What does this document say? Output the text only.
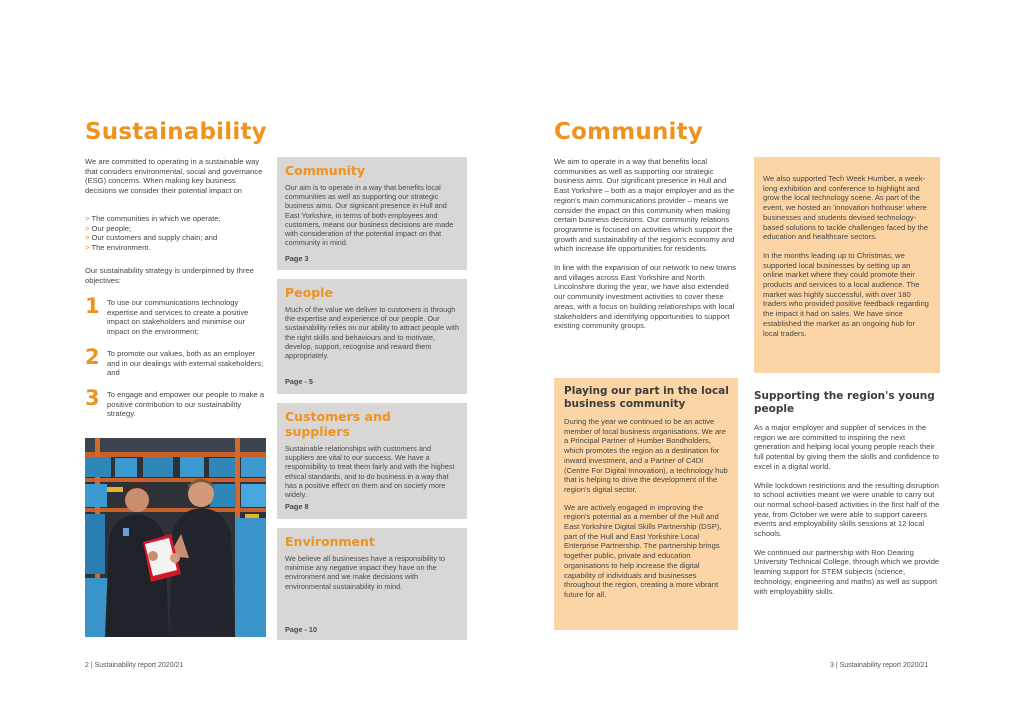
Sustainability
We are committed to operating in a sustainable way that considers environmental, social and governance (ESG) concerns. When making key business decisions we consider their potential impact on
> The communities in which we operate;
> Our people;
> Our customers and supply chain; and
> The environment.
Our sustainability strategy is underpinned by three objectives:
1 To use our communications technology expertise and services to create a positive impact on stakeholders and minimise our impact on the environment;
2 To promote our values, both as an employer and in our dealings with external stakeholders; and
3 To engage and empower our people to make a positive contribution to our sustainability strategy.
Community
Our aim is to operate in a way that benefits local communities as well as supporting our strategic business aims. Our signicant presence in Hull and East Yorkshire, in terms of both employees and customers, means our business decisions are made with consideration of the potential impact on that community in mind.
Page 3
People
Much of the value we deliver to customers is through the expertise and experience of our people. Our sustainability relies on our ability to attract people with the right skills and behaviours and to motivate, develop, support, recognise and reward them appropriately.
Page - 5
Customers and suppliers
Sustainable relationships with customers and suppliers are vital to our success. We have a responsibility to treat them fairly and with the highest ethical standards, and to do business in a way that has a positive effect on them and on society more widely.
Page 8
Environment
We believe all businesses have a responsibility to minimise any negative impact they have on the environment and we make decisions with environmental sustainability in mind.
Page - 10
2 | Sustainability report 2020/21
Community

We aim to operate in a way that benefits local communities as well as supporting our strategic business aims. Our significant presence in Hull and East Yorkshire – both as a major employer and as the region's main communications provider – means we consider the impact on this community when making certain business decisions. Our community relations programme is focused on activities which support the growth and sustainability of the region's economy and which increase life opportunities for residents.

In line with the expansion of our network to new towns and villages across East Yorkshire and North Lincolnshire during the year, we have also extended our community investment activities to cover these areas, with a focus on building relationships with local stakeholders and identifying opportunities to support existing community groups.

We also supported Tech Week Humber, a week-long exhibition and conference to highlight and grow the local technology scene. As part of the event, we hosted an 'innovation hothouse' where businesses and students devised technology-based solutions to tackle challenges faced by the education and healthcare sectors.

In the months leading up to Christmas, we supported local businesses by setting up an online market where they could promote their products and services to a local audience. The market was highly successful, with over 180 traders who provided positive feedback regarding the impact it had on sales. We have since established the market as an ongoing hub for local traders.

Playing our part in the local business community

During the year we continued to be an active member of local business organisations. We are a Principal Partner of Humber Bondholders, which promotes the region as a destination for inward investment, and a Partner of C4DI (Centre For Digital Innovation), a technology hub that is helping to drive the development of the region's digital sector.

We are actively engaged in improving the region's potential as a member of the Hull and East Yorkshire Digital Skills Partnership (DSP), part of the Hull and East Yorkshire Local Enterprise Partnership. The partnership brings together public, private and education organisations to help increase the digital capability of individuals and businesses throughout the region, creating a more vibrant future for all.

Supporting the region's young people

As a major employer and supplier of services in the region we are committed to inspiring the next generation and helping local young people reach their full potential by giving them the skills and confidence to excel in a digital world.

While lockdown restrictions and the resulting disruption to school activities meant we were unable to carry out our normal school-based activities in the first half of the year, from October we were able to support careers events and employability skills sessions at 12 local schools.

We continued our partnership with Ron Dearing University Technical College, through which we provide learning support for STEM subjects (science, technology, engineering and maths) as well as support with employability skills.

3 | Sustainability report 2020/21
